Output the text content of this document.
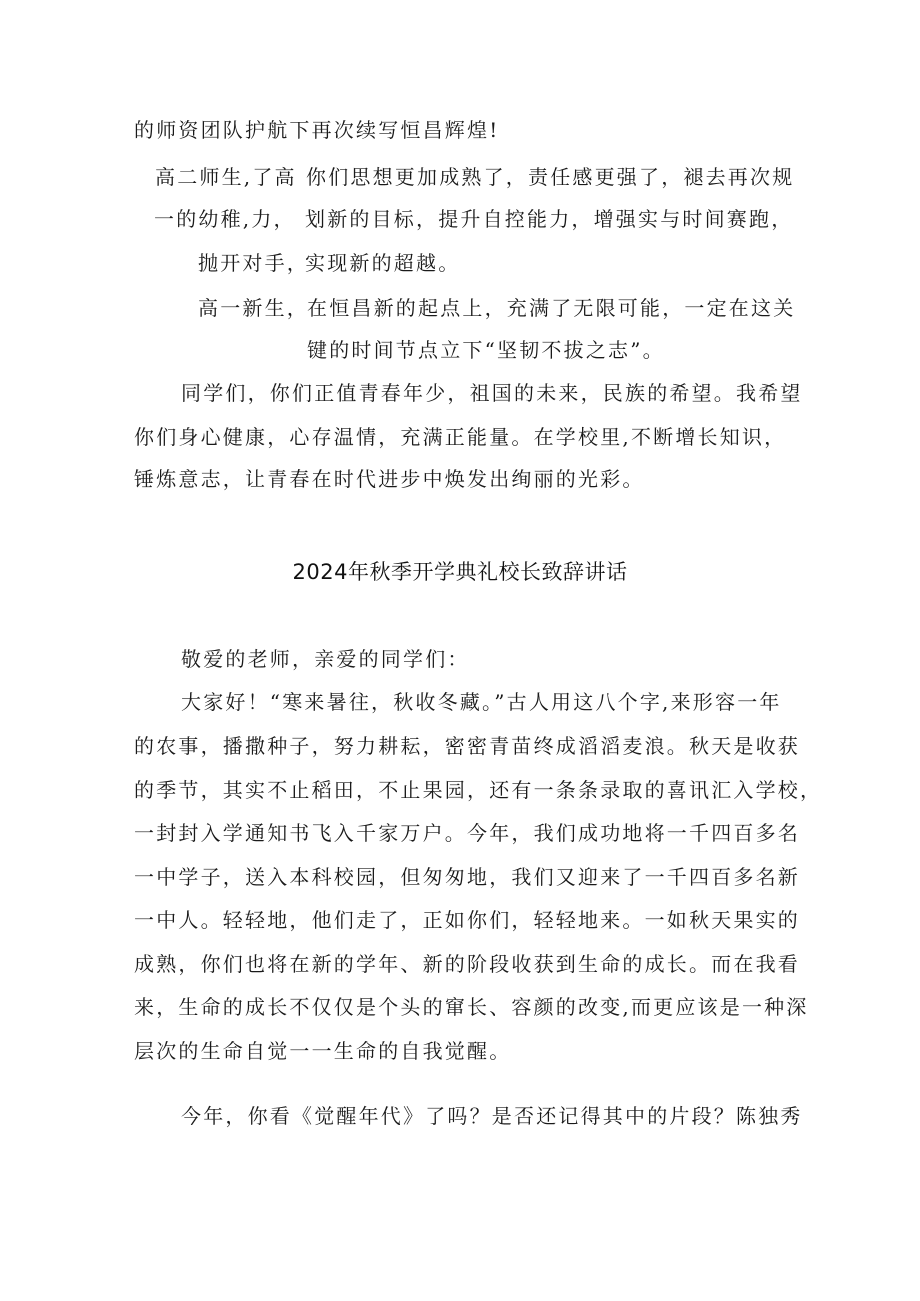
的师资团队护航下再次续写恒昌辉煌!
高二师生,了高 你们思想更加成熟了，责任感更强了，褪去再次规
一的幼稚,力， 划新的目标，提升自控能力，增强实与时间赛跑，
抛开对手，
实现新的超越。
高一新生，
在恒昌新的起点上，充满了无限可能，一定在这关
键的时间节点立下“坚韧不拔之志”。
同学们，你们正值青春年少，祖国的未来，民族的希望。我希望
你们身心健康，心存温情，充满正能量。在学校里,不断增长知识，
锤炼意志，让青春在时代进步中焕发出绚丽的光彩。
2024年秋季开学典礼校长致辞讲话
敬爱的老师，亲爱的同学们：
大家好！“寒来暑往，秋收冬藏。”古人用这八个字,来形容一年
的农事，播撒种子，努力耕耘，密密青苗终成滔滔麦浪。秋天是收获
的季节，其实不止稻田，不止果园，还有一条条录取的喜讯汇入学校，
一封封入学通知书飞入千家万户。今年，我们成功地将一千四百多名
一中学子，送入本科校园，但匆匆地，我们又迎来了一千四百多名新
一中人。轻轻地，他们走了，正如你们，轻轻地来。一如秋天果实的
成熟，你们也将在新的学年、新的阶段收获到生命的成长。而在我看
来，生命的成长不仅仅是个头的窜长、容颜的改变,而更应该是一种深
层次的生命自觉一一生命的自我觉醒。
今年，你看《觉醒年代》了吗？是否还记得其中的片段？陈独秀
